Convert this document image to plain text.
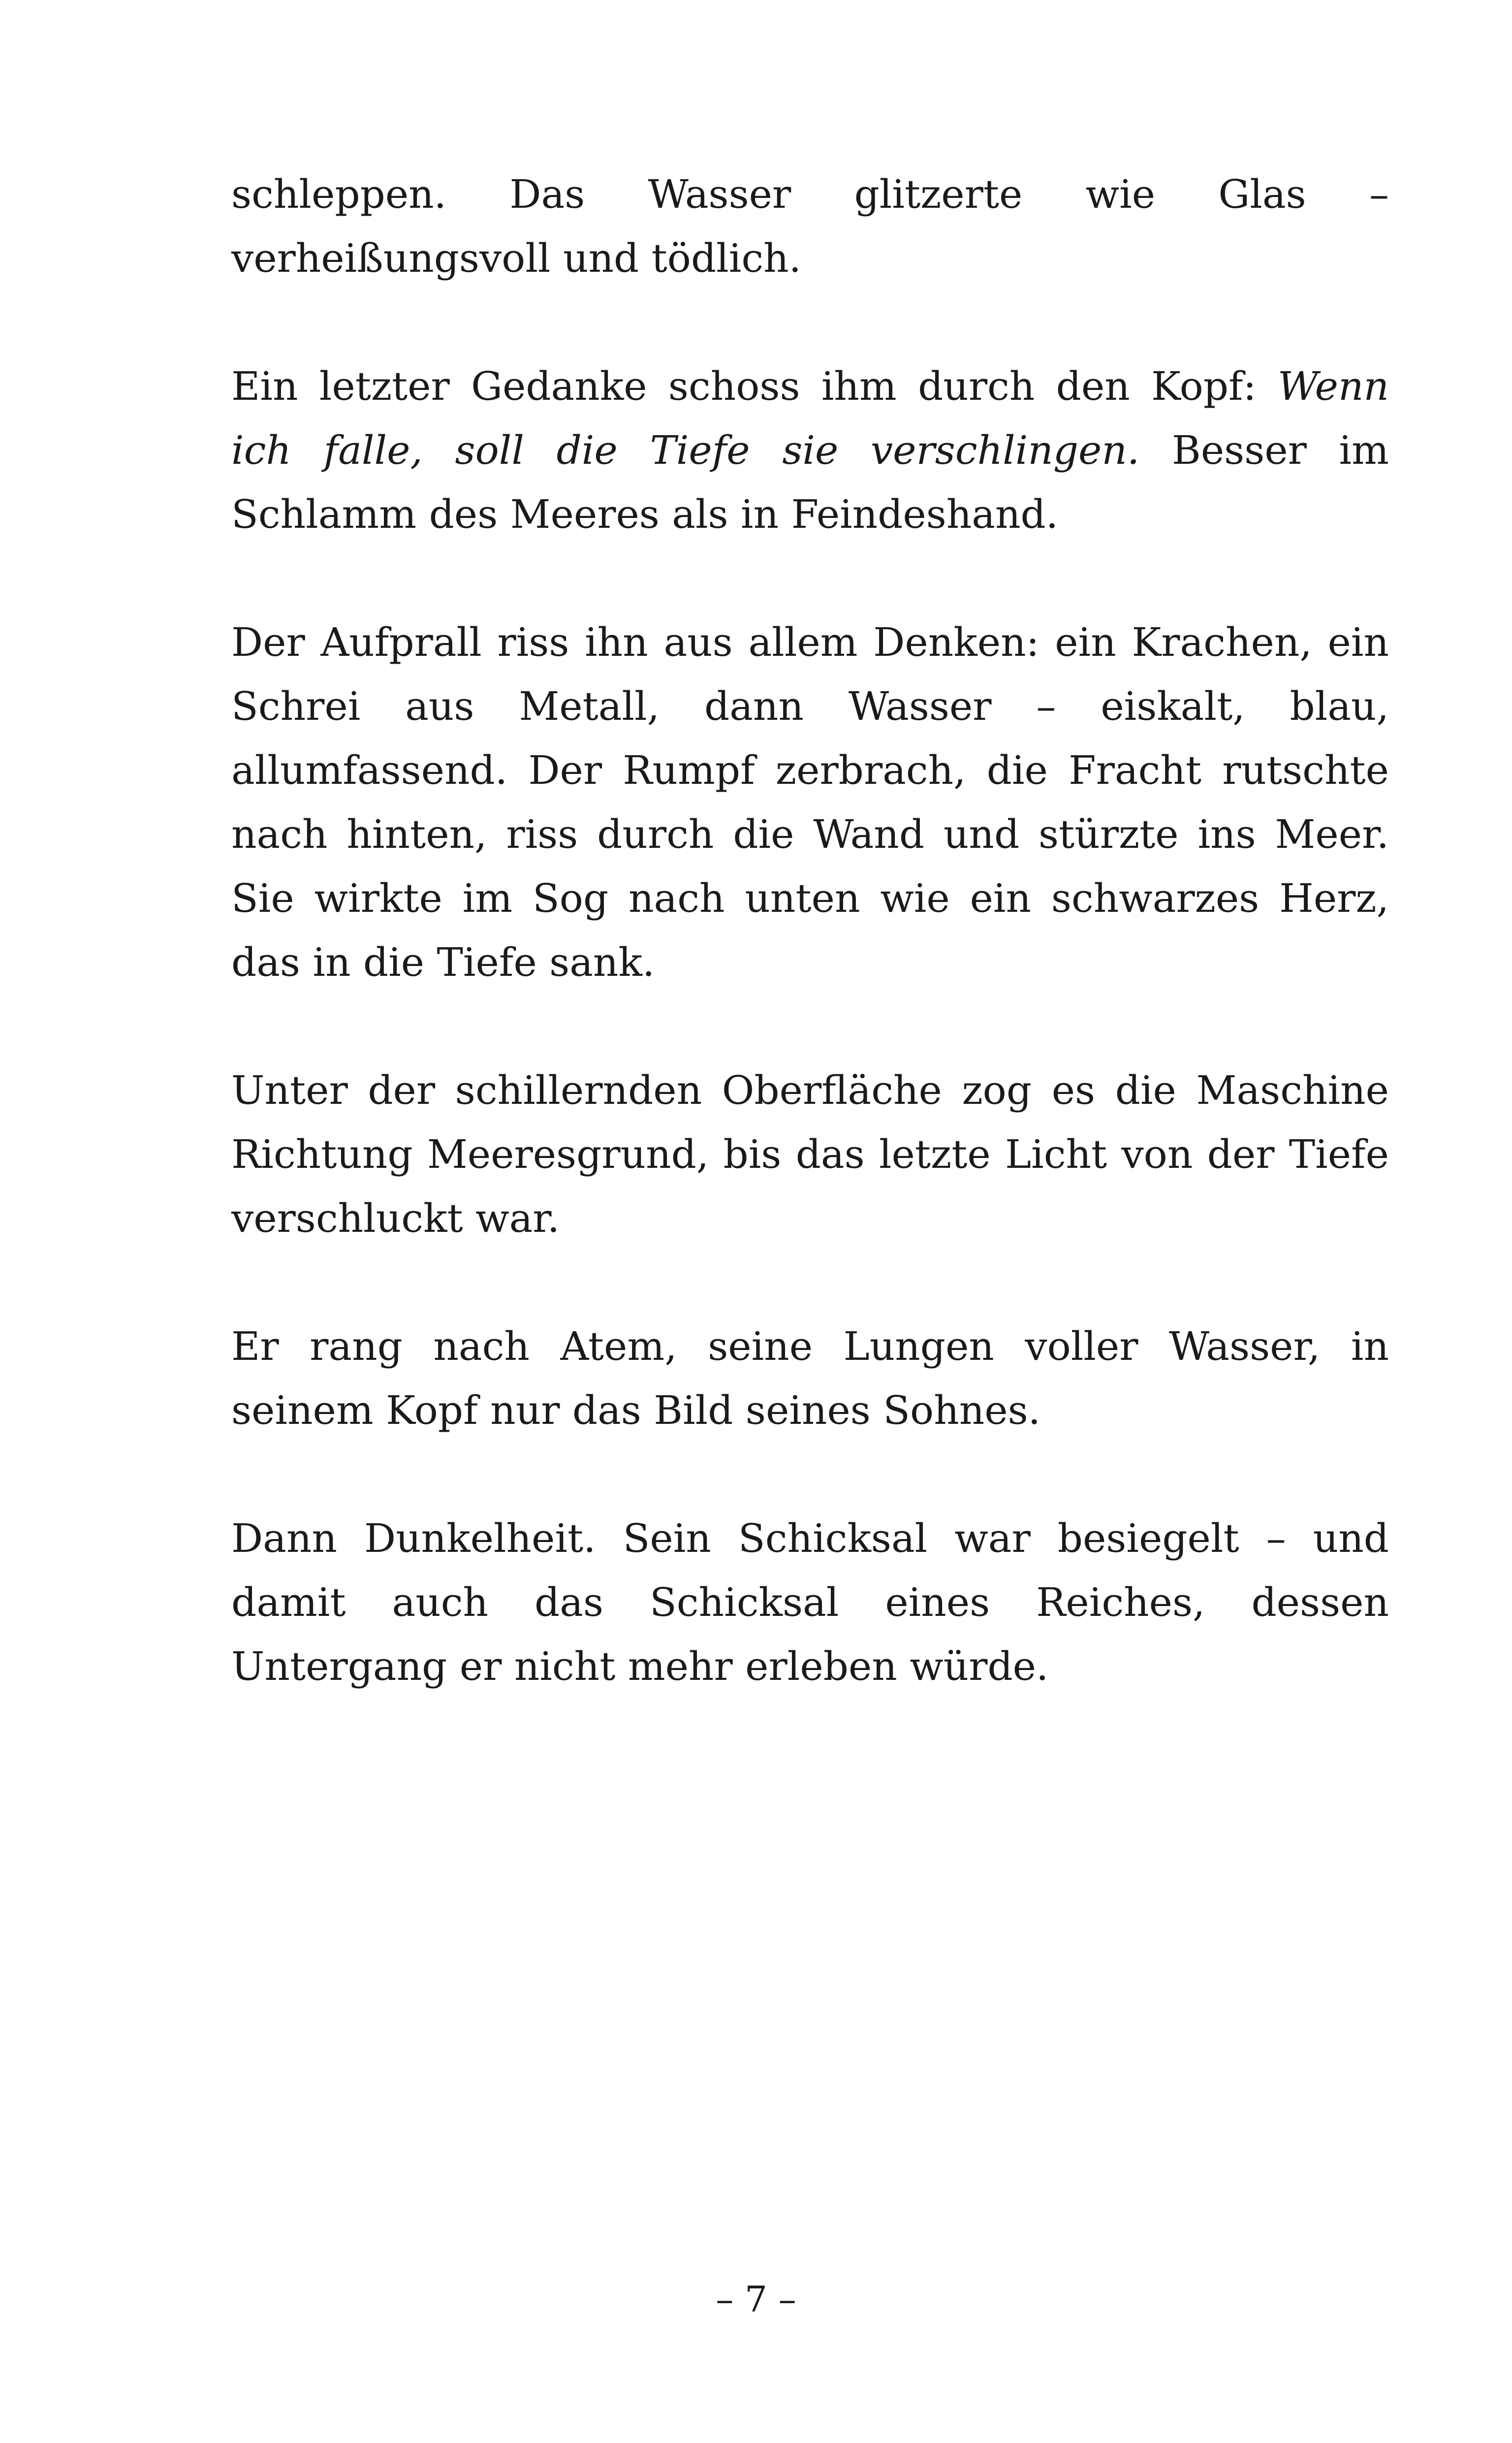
schleppen. Das Wasser glitzerte wie Glas – verheißungsvoll und tödlich.

Ein letzter Gedanke schoss ihm durch den Kopf: Wenn ich falle, soll die Tiefe sie verschlingen. Besser im Schlamm des Meeres als in Feindeshand.

Der Aufprall riss ihn aus allem Denken: ein Krachen, ein Schrei aus Metall, dann Wasser – eiskalt, blau, allumfassend. Der Rumpf zerbrach, die Fracht rutschte nach hinten, riss durch die Wand und stürzte ins Meer. Sie wirkte im Sog nach unten wie ein schwarzes Herz, das in die Tiefe sank.

Unter der schillernden Oberfläche zog es die Maschine Richtung Meeresgrund, bis das letzte Licht von der Tiefe verschluckt war.

Er rang nach Atem, seine Lungen voller Wasser, in seinem Kopf nur das Bild seines Sohnes.

Dann Dunkelheit. Sein Schicksal war besiegelt – und damit auch das Schicksal eines Reiches, dessen Untergang er nicht mehr erleben würde.

– 7 –
